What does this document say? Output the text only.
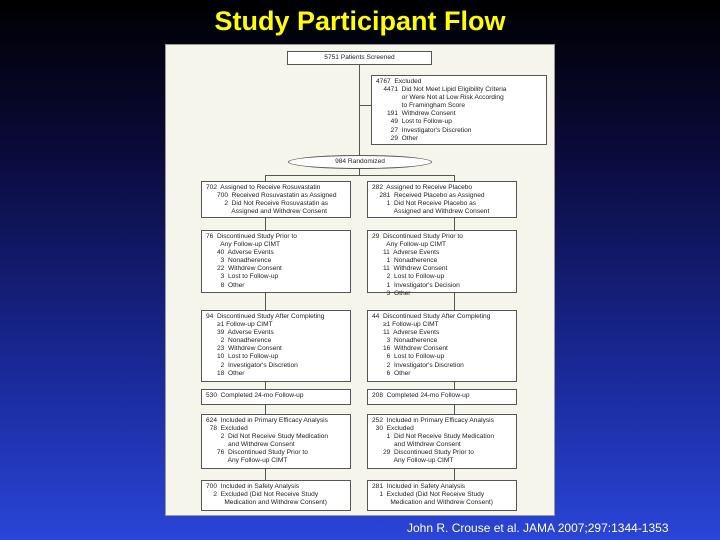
Study Participant Flow
5751 Patients Screened
4767  Excluded
4471  Did Not Meet Lipid Eligibility Criteria
or Were Not at Low Risk According
to Framingham Score
191  Withdrew Consent
49  Lost to Follow-up
27  Investigator's Discretion
29  Other
984 Randomized
702  Assigned to Receive Rosuvastatin
700  Received Rosuvastatin as Assigned
2  Did Not Receive Rosuvastatin as
Assigned and Withdrew Consent
282  Assigned to Receive Placebo
281  Received Placebo as Assigned
1  Did Not Receive Placebo as
Assigned and Withdrew Consent
76  Discontinued Study Prior to
Any Follow-up CIMT
40  Adverse Events
3  Nonadherence
22  Withdrew Consent
3  Lost to Follow-up
8  Other
29  Discontinued Study Prior to
Any Follow-up CIMT
11  Adverse Events
1  Nonadherence
11  Withdrew Consent
2  Lost to Follow-up
1  Investigator's Decision
3  Other
94  Discontinued Study After Completing
≥1 Follow-up CIMT
39  Adverse Events
2  Nonadherence
23  Withdrew Consent
10  Lost to Follow-up
2  Investigator's Discretion
18  Other
44  Discontinued Study After Completing
≥1 Follow-up CIMT
11  Adverse Events
3  Nonadherence
16  Withdrew Consent
6  Lost to Follow-up
2  Investigator's Discretion
6  Other
530  Completed 24-mo Follow-up	208  Completed 24-mo Follow-up
624  Included in Primary Efficacy Analysis
78  Excluded
2  Did Not Receive Study Medication
and Withdrew Consent
76  Discontinued Study Prior to
Any Follow-up CIMT
252  Included in Primary Efficacy Analysis
30  Excluded
1  Did Not Receive Study Medication
and Withdrew Consent
29  Discontinued Study Prior to
Any Follow-up CIMT
700  Included in Safety Analysis
2  Excluded (Did Not Receive Study
Medication and Withdrew Consent)
281  Included in Safety Analysis
1  Excluded (Did Not Receive Study
Medication and Withdrew Consent)
John R. Crouse et al. JAMA 2007;297:1344-1353
